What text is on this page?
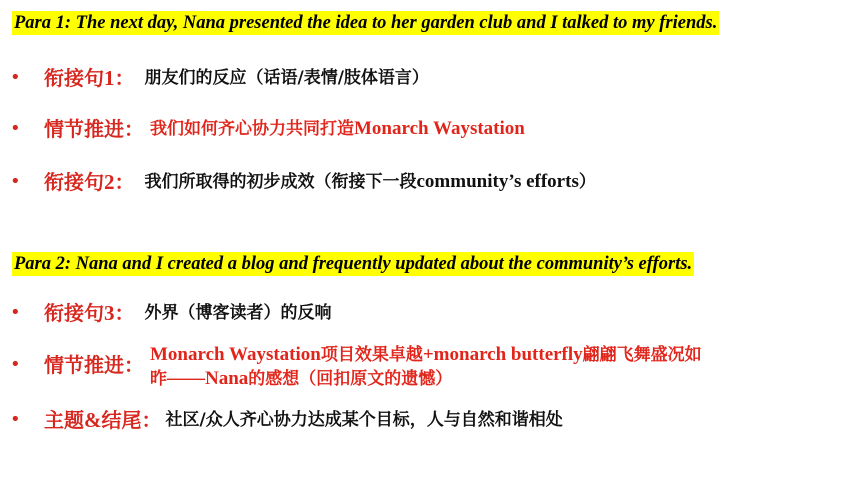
Para 1: The next day, Nana presented the idea to her garden club and I talked to my friends.
•	衔接句1 ： 朋友们的反应（话语/表情/肢体语言）
•	情节推进 ： 我们如何齐心协力共同打造Monarch Waystation
•	衔接句2 ： 我们所取得的初步成效（衔接下一段community’s efforts）
Para 2: Nana and I created a blog and frequently updated about the community’s efforts.
•	衔接句3 ： 外界（博客读者）的反响
•	情节推进 ： Monarch Waystation项目效果卓越+monarch butterfly翩翩飞舞盛况如
昨——Nana的感想（回扣原文的遗憾）
•	主题&结尾 ： 社区/众人齐心协力达成某个目标，人与自然和谐相处
